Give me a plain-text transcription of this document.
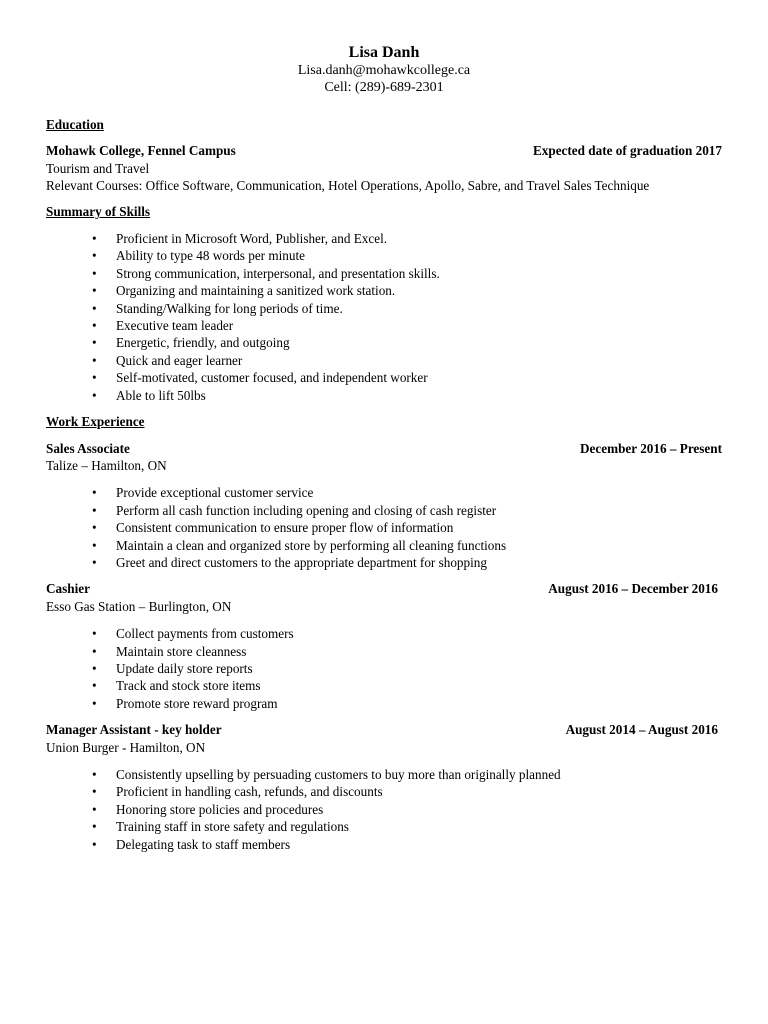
Lisa Danh
Lisa.danh@mohawkcollege.ca
Cell: (289)-689-2301
Education
Mohawk College, Fennel Campus	Expected date of graduation 2017
Tourism and Travel
Relevant Courses: Office Software, Communication, Hotel Operations, Apollo, Sabre, and Travel Sales Technique
Summary of Skills
• Proficient in Microsoft Word, Publisher, and Excel.
• Ability to type 48 words per minute
• Strong communication, interpersonal, and presentation skills.
• Organizing and maintaining a sanitized work station.
• Standing/Walking for long periods of time.
• Executive team leader
• Energetic, friendly, and outgoing
• Quick and eager learner
• Self-motivated, customer focused, and independent worker
• Able to lift 50lbs
Work Experience
Sales Associate	December 2016 – Present
Talize – Hamilton, ON
• Provide exceptional customer service
• Perform all cash function including opening and closing of cash register
• Consistent communication to ensure proper flow of information
• Maintain a clean and organized store by performing all cleaning functions
• Greet and direct customers to the appropriate department for shopping
Cashier	August 2016 – December 2016
Esso Gas Station – Burlington, ON
• Collect payments from customers
• Maintain store cleanness
• Update daily store reports
• Track and stock store items
• Promote store reward program
Manager Assistant - key holder	August 2014 – August 2016
Union Burger - Hamilton, ON
• Consistently upselling by persuading customers to buy more than originally planned
• Proficient in handling cash, refunds, and discounts
• Honoring store policies and procedures
• Training staff in store safety and regulations
• Delegating task to staff members
